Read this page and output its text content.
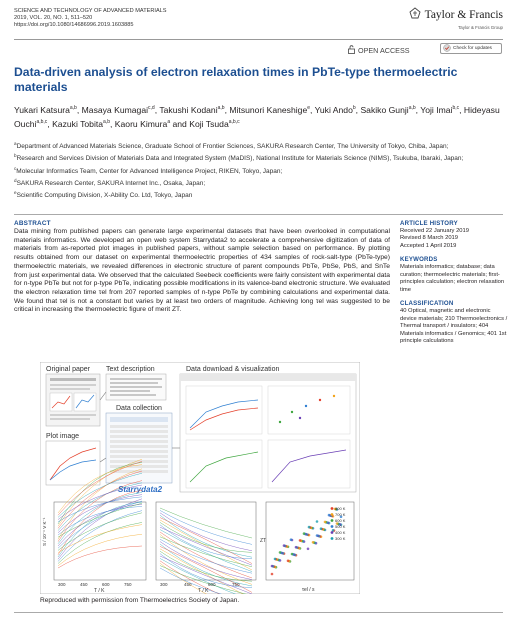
SCIENCE AND TECHNOLOGY OF ADVANCED MATERIALS
2019, VOL. 20, NO. 1, 511–520
https://doi.org/10.1080/14686996.2019.1603885
Taylor & Francis
Taylor & Francis Group
OPEN ACCESS	Check for updates
Data-driven analysis of electron relaxation times in PbTe-type thermoelectric materials
Yukari Katsura$^{a,b}$, Masaya Kumagai$^{c,d}$, Takushi Kodani$^{a,b}$, Mitsunori Kaneshige$^e$, Yuki Ando$^b$, Sakiko Gunji$^{a,b}$, Yoji Imai$^{b,c}$, Hideyasu Ouchi$^{a,b,c}$, Kazuki Tobita$^{a,b}$, Kaoru Kimura$^a$ and Koji Tsuda$^{a,b,c}$
$^a$Department of Advanced Materials Science, Graduate School of Frontier Sciences, SAKURA Research Center, The University of Tokyo, Chiba, Japan;
$^b$Research and Services Division of Materials Data and Integrated System (MaDIS), National Institute for Materials Science (NIMS), Tsukuba, Ibaraki, Japan;
$^c$Molecular Informatics Team, Center for Advanced Intelligence Project, RIKEN, Tokyo, Japan;
$^d$SAKURA Research Center, SAKURA Internet Inc., Osaka, Japan;
$^e$Scientific Computing Division, X-Ability Co. Ltd, Tokyo, Japan
ABSTRACT
Data mining from published papers can generate large experimental datasets that have been overlooked in computational materials informatics. We developed an open web system Starrydata2 to accelerate a comprehensive digitization of data of materials from as-reported plot images in published papers, without sample selection based on performance. By plotting results obtained from our dataset on experimental thermoelectric properties of 434 samples of rock-salt-type (PbTe-type) thermoelectric materials, we revealed differences in electronic structure of parent compounds PbTe, PbSe, PbS, and SnTe from just experimental data. We observed that the calculated Seebeck coefficients were fairly consistent with experimental data for n-type PbTe but not for p-type PbTe, indicating possible modifications in its valence-band electronic structure. We evaluated the electron relaxation time τel from 207 reported samples of n-type PbTe by combining calculations and experimental data. We found that τel is not a constant but varies by at least two orders of magnitude. Achieving long τel was suggested to be critical in increasing the thermoelectric figure of merit ZT.
ARTICLE HISTORY
Received 22 January 2019
Revised 8 March 2019
Accepted 1 April 2019
KEYWORDS
Materials informatics; database; data curation; thermoelectric materials; first-principles calculation; electron relaxation time
CLASSIFICATION
40 Optical, magnetic and electronic device materials; 210 Thermoelectronics / Thermal transport / insulators; 404 Materials informatics / Genomics; 401 1st principle calculations
Original paper Text description
Data collection
Starrydata2
Data download & visualization
Plot image
S / 10⁻⁶ V K⁻¹
T / K
300	450	600	750
T / K
300	450	600	750
ZT
τel / s
800 K
700 K
600 K
500 K
400 K
300 K
Reproduced with permission from Thermoelectrics Society of Japan.
